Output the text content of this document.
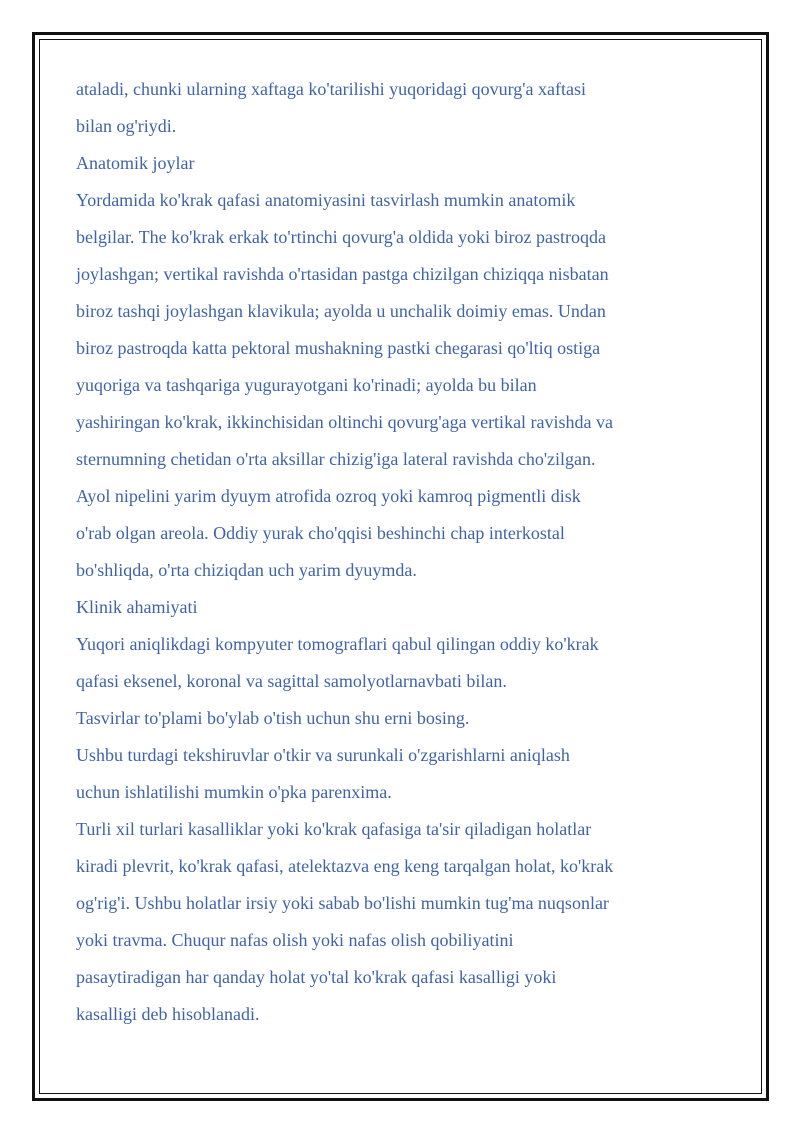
ataladi, chunki ularning xaftaga ko'tarilishi yuqoridagi qovurg'a xaftasi
bilan og'riydi.
Anatomik joylar
Yordamida ko'krak qafasi anatomiyasini tasvirlash mumkin anatomik
belgilar. The ko'krak erkak to'rtinchi qovurg'a oldida yoki biroz pastroqda
joylashgan; vertikal ravishda o'rtasidan pastga chizilgan chiziqqa nisbatan
biroz tashqi joylashgan klavikula; ayolda u unchalik doimiy emas. Undan
biroz pastroqda katta pektoral mushakning pastki chegarasi qo'ltiq ostiga
yuqoriga va tashqariga yugurayotgani ko'rinadi; ayolda bu bilan
yashiringan ko'krak, ikkinchisidan oltinchi qovurg'aga vertikal ravishda va
sternumning chetidan o'rta aksillar chizig'iga lateral ravishda cho'zilgan.
Ayol nipelini yarim dyuym atrofida ozroq yoki kamroq pigmentli disk
o'rab olgan areola. Oddiy yurak cho'qqisi beshinchi chap interkostal
bo'shliqda, o'rta chiziqdan uch yarim dyuymda.
Klinik ahamiyati
Yuqori aniqlikdagi kompyuter tomograflari qabul qilingan oddiy ko'krak
qafasi eksenel, koronal va sagittal samolyotlarnavbati bilan.
Tasvirlar to'plami bo'ylab o'tish uchun shu erni bosing.
Ushbu turdagi tekshiruvlar o'tkir va surunkali o'zgarishlarni aniqlash
uchun ishlatilishi mumkin o'pka parenxima.
Turli xil turlari kasalliklar yoki ko'krak qafasiga ta'sir qiladigan holatlar
kiradi plevrit, ko'krak qafasi, atelektazva eng keng tarqalgan holat, ko'krak
og'rig'i. Ushbu holatlar irsiy yoki sabab bo'lishi mumkin tug'ma nuqsonlar
yoki travma. Chuqur nafas olish yoki nafas olish qobiliyatini
pasaytiradigan har qanday holat yo'tal ko'krak qafasi kasalligi yoki
kasalligi deb hisoblanadi.
